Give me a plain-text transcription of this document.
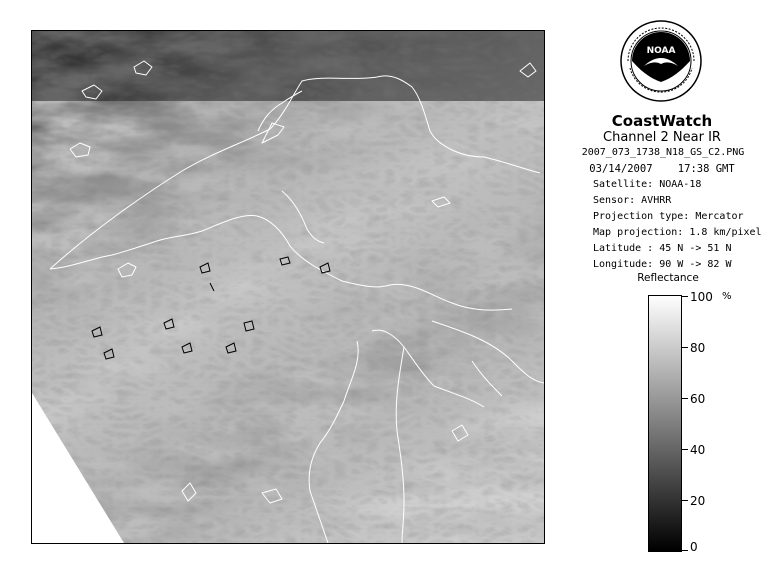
NOAA
CoastWatch
Channel 2 Near IR
2007_073_1738_N18_GS_C2.PNG
03/14/2007    17:38 GMT
Satellite: NOAA-18
Sensor: AVHRR
Projection type: Mercator
Map projection: 1.8 km/pixel
Latitude : 45 N -> 51 N
Longitude: 90 W -> 82 W
Reflectance
%
100
80
60
40
20
0
